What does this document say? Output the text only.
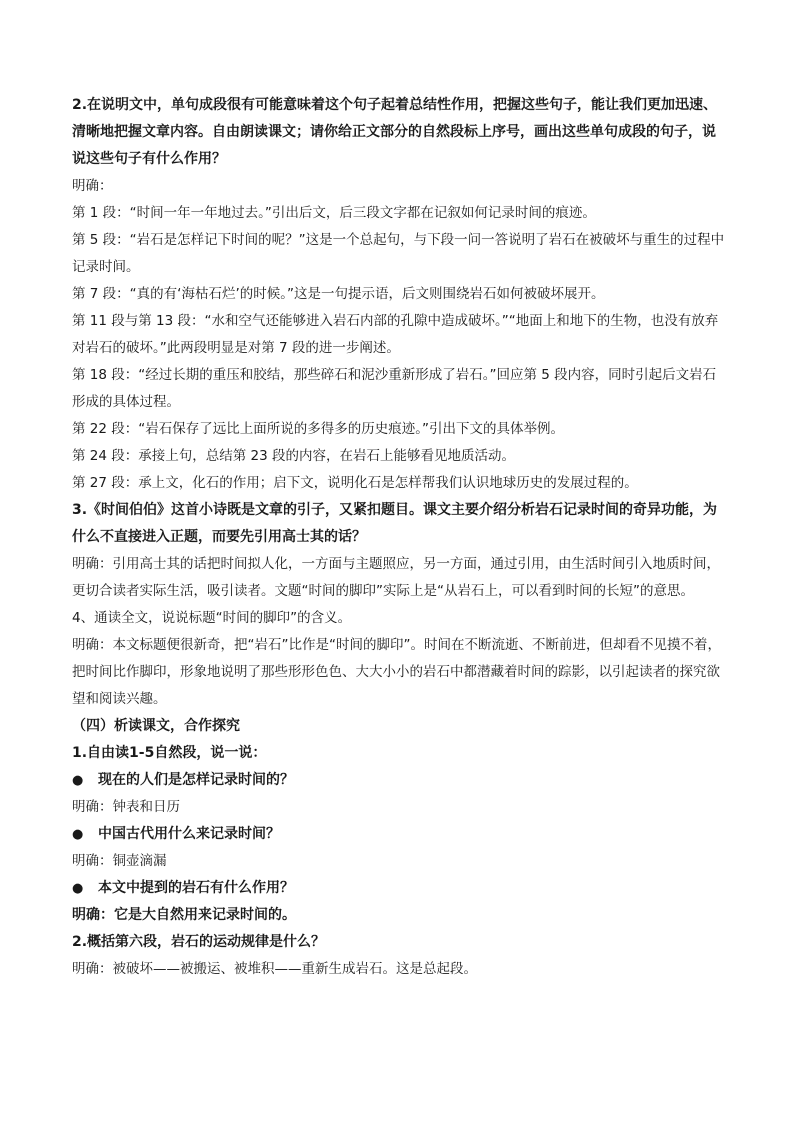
2.在说明文中，单句成段很有可能意味着这个句子起着总结性作用，把握这些句子，能让我们更加迅速、清晰地把握文章内容。自由朗读课文；请你给正文部分的自然段标上序号，画出这些单句成段的句子，说说这些句子有什么作用？

明确：

第 1 段：“时间一年一年地过去。”引出后文，后三段文字都在记叙如何记录时间的痕迹。

第 5 段：“岩石是怎样记下时间的呢？”这是一个总起句，与下段一问一答说明了岩石在被破坏与重生的过程中记录时间。

第 7 段：“真的有‘海枯石烂’的时候。”这是一句提示语，后文则围绕岩石如何被破坏展开。

第 11 段与第 13 段：“水和空气还能够进入岩石内部的孔隙中造成破坏。”“地面上和地下的生物，也没有放弃对岩石的破坏。”此两段明显是对第 7 段的进一步阐述。

第 18 段：“经过长期的重压和胶结，那些碎石和泥沙重新形成了岩石。”回应第 5 段内容，同时引起后文岩石形成的具体过程。

第 22 段：“岩石保存了远比上面所说的多得多的历史痕迹。”引出下文的具体举例。

第 24 段：承接上句，总结第 23 段的内容，在岩石上能够看见地质活动。

第 27 段：承上文，化石的作用；启下文，说明化石是怎样帮我们认识地球历史的发展过程的。

3.《时间伯伯》这首小诗既是文章的引子，又紧扣题目。课文主要介绍分析岩石记录时间的奇异功能，为什么不直接进入正题，而要先引用高士其的话？

明确：引用高士其的话把时间拟人化，一方面与主题照应，另一方面，通过引用，由生活时间引入地质时间，更切合读者实际生活，吸引读者。文题“时间的脚印”实际上是“从岩石上，可以看到时间的长短”的意思。

4、通读全文，说说标题“时间的脚印”的含义。

明确：本文标题便很新奇，把“岩石”比作是“时间的脚印”。时间在不断流逝、不断前进，但却看不见摸不着，把时间比作脚印，形象地说明了那些形形色色、大大小小的岩石中都潜藏着时间的踪影，以引起读者的探究欲望和阅读兴趣。

（四）析读课文，合作探究

1.自由读1-5自然段，说一说：

●	现在的人们是怎样记录时间的？

明确：钟表和日历

●	中国古代用什么来记录时间？

明确：铜壶滴漏

●	本文中提到的岩石有什么作用？

明确：它是大自然用来记录时间的。

2.概括第六段，岩石的运动规律是什么？

明确：被破坏——被搬运、被堆积——重新生成岩石。这是总起段。
